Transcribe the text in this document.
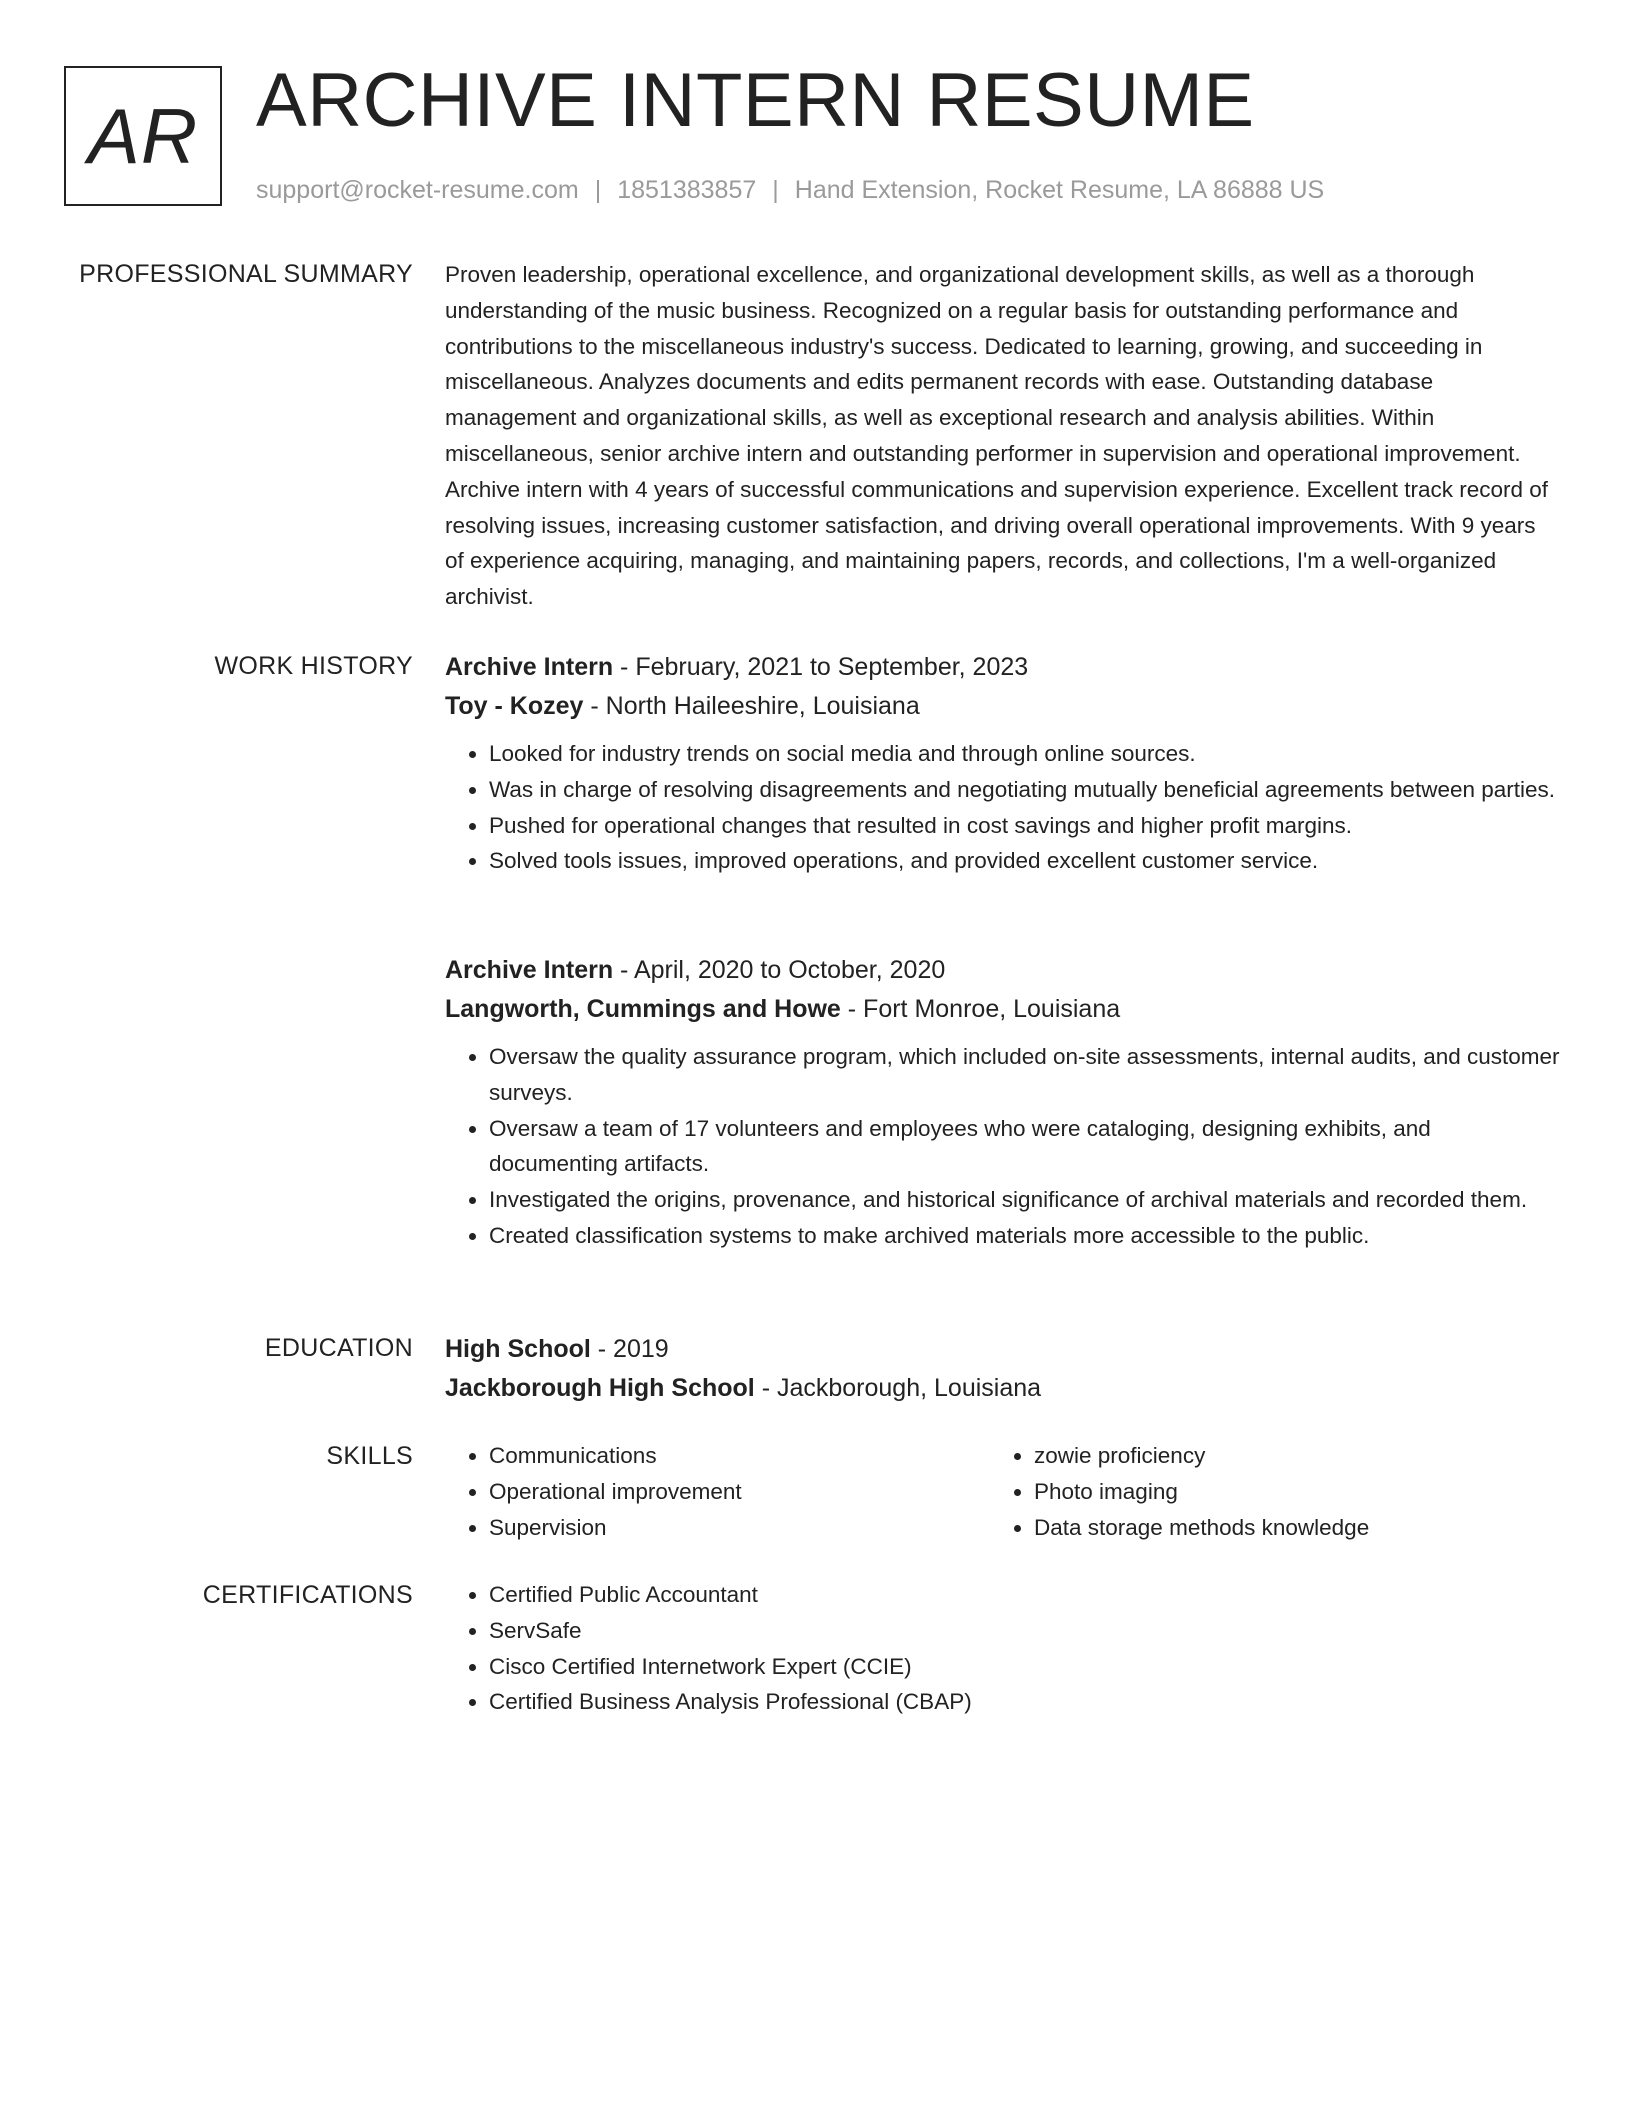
AR ARCHIVE INTERN RESUME
support@rocket-resume.com | 1851383857 | Hand Extension, Rocket Resume, LA 86888 US
PROFESSIONAL SUMMARY Proven leadership, operational excellence, and organizational development skills, as well as a thorough understanding of the music business. Recognized on a regular basis for outstanding performance and contributions to the miscellaneous industry's success. Dedicated to learning, growing, and succeeding in miscellaneous. Analyzes documents and edits permanent records with ease. Outstanding database management and organizational skills, as well as exceptional research and analysis abilities. Within miscellaneous, senior archive intern and outstanding performer in supervision and operational improvement. Archive intern with 4 years of successful communications and supervision experience. Excellent track record of resolving issues, increasing customer satisfaction, and driving overall operational improvements. With 9 years of experience acquiring, managing, and maintaining papers, records, and collections, I'm a well-organized archivist.

WORK HISTORY Archive Intern - February, 2021 to September, 2023
Toy - Kozey - North Haileeshire, Louisiana
• Looked for industry trends on social media and through online sources.
• Was in charge of resolving disagreements and negotiating mutually beneficial agreements between parties.
• Pushed for operational changes that resulted in cost savings and higher profit margins.
• Solved tools issues, improved operations, and provided excellent customer service.
Archive Intern - April, 2020 to October, 2020
Langworth, Cummings and Howe - Fort Monroe, Louisiana
• Oversaw the quality assurance program, which included on-site assessments, internal audits, and customer surveys.
• Oversaw a team of 17 volunteers and employees who were cataloging, designing exhibits, and documenting artifacts.
• Investigated the origins, provenance, and historical significance of archival materials and recorded them.
• Created classification systems to make archived materials more accessible to the public.
EDUCATION High School - 2019
Jackborough High School - Jackborough, Louisiana
SKILLS	• Communications
• Operational improvement
• Supervision
• zowie proficiency
• Photo imaging
• Data storage methods knowledge
CERTIFICATIONS	• Certified Public Accountant
• ServSafe
• Cisco Certified Internetwork Expert (CCIE)
• Certified Business Analysis Professional (CBAP)
